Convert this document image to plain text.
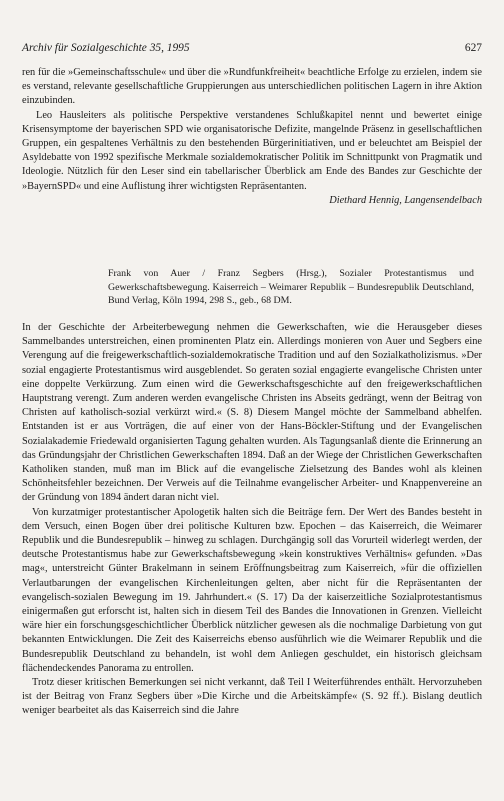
Archiv für Sozialgeschichte 35, 1995	627

ren für die »Gemeinschaftsschule« und über die »Rundfunkfreiheit« beachtliche Erfolge zu erzielen, indem sie es verstand, relevante gesellschaftliche Gruppierungen aus unterschiedlichen politischen Lagern in ihre Aktion einzubinden.

Leo Hausleiters als politische Perspektive verstandenes Schlußkapitel nennt und bewertet einige Krisensymptome der bayerischen SPD wie organisatorische Defizite, mangelnde Präsenz in gesellschaftlichen Gruppen, ein gespaltenes Verhältnis zu den bestehenden Bürgerinitiativen, und er beleuchtet am Beispiel der Asyldebatte von 1992 spezifische Merkmale sozialdemokratischer Politik im Schnittpunkt von Pragmatik und Ideologie. Nützlich für den Leser sind ein tabellarischer Überblick am Ende des Bandes zur Geschichte der »BayernSPD« und eine Auflistung ihrer wichtigsten Repräsentanten.

Diethard Hennig, Langensendelbach

Frank von Auer / Franz Segbers (Hrsg.), Sozialer Protestantismus und Gewerkschaftsbewegung. Kaiserreich – Weimarer Republik – Bundesrepublik Deutschland, Bund Verlag, Köln 1994, 298 S., geb., 68 DM.

In der Geschichte der Arbeiterbewegung nehmen die Gewerkschaften, wie die Herausgeber dieses Sammelbandes unterstreichen, einen prominenten Platz ein. Allerdings monieren von Auer und Segbers eine Verengung auf die freigewerkschaftlich-sozialdemokratische Tradition und auf den Sozialkatholizismus. »Der sozial engagierte Protestantismus wird ausgeblendet. So geraten sozial engagierte evangelische Christen unter eine doppelte Verkürzung. Zum einen wird die Gewerkschaftsgeschichte auf den freigewerkschaftlichen Hauptstrang verengt. Zum anderen werden evangelische Christen ins Abseits gedrängt, wenn der Beitrag von Christen auf katholisch-sozial verkürzt wird.« (S. 8) Diesem Mangel möchte der Sammelband abhelfen. Entstanden ist er aus Vorträgen, die auf einer von der Hans-Böckler-Stiftung und der Evangelischen Sozialakademie Friedewald organisierten Tagung gehalten wurden. Als Tagungsanlaß diente die Erinnerung an das Gründungsjahr der Christlichen Gewerkschaften 1894. Daß an der Wiege der Christlichen Gewerkschaften Katholiken standen, muß man im Blick auf die evangelische Zielsetzung des Bandes wohl als kleinen Schönheitsfehler bezeichnen. Der Verweis auf die Teilnahme evangelischer Arbeiter- und Knappenvereine an der Gründung von 1894 ändert daran nicht viel.

Von kurzatmiger protestantischer Apologetik halten sich die Beiträge fern. Der Wert des Bandes besteht in dem Versuch, einen Bogen über drei politische Kulturen bzw. Epochen – das Kaiserreich, die Weimarer Republik und die Bundesrepublik – hinweg zu schlagen. Durchgängig soll das Vorurteil widerlegt werden, der deutsche Protestantismus habe zur Gewerkschaftsbewegung »kein konstruktives Verhältnis« gefunden. »Das mag«, unterstreicht Günter Brakelmann in seinem Eröffnungsbeitrag zum Kaiserreich, »für die offiziellen Verlautbarungen der evangelischen Kirchenleitungen gelten, aber nicht für die Repräsentanten der evangelisch-sozialen Bewegung im 19. Jahrhundert.« (S. 17) Da der kaiserzeitliche Sozialprotestantismus einigermaßen gut erforscht ist, halten sich in diesem Teil des Bandes die Innovationen in Grenzen. Vielleicht wäre hier ein forschungsgeschichtlicher Überblick nützlicher gewesen als die nochmalige Darbietung von gut bekannten Entwicklungen. Die Zeit des Kaiserreichs ebenso ausführlich wie die Weimarer Republik und die Bundesrepublik Deutschland zu behandeln, ist wohl dem Anliegen geschuldet, ein historisch gleichsam flächendeckendes Panorama zu entrollen.

Trotz dieser kritischen Bemerkungen sei nicht verkannt, daß Teil I Weiterführendes enthält. Hervorzuheben ist der Beitrag von Franz Segbers über »Die Kirche und die Arbeitskämpfe« (S. 92 ff.). Bislang deutlich weniger bearbeitet als das Kaiserreich sind die Jahre
